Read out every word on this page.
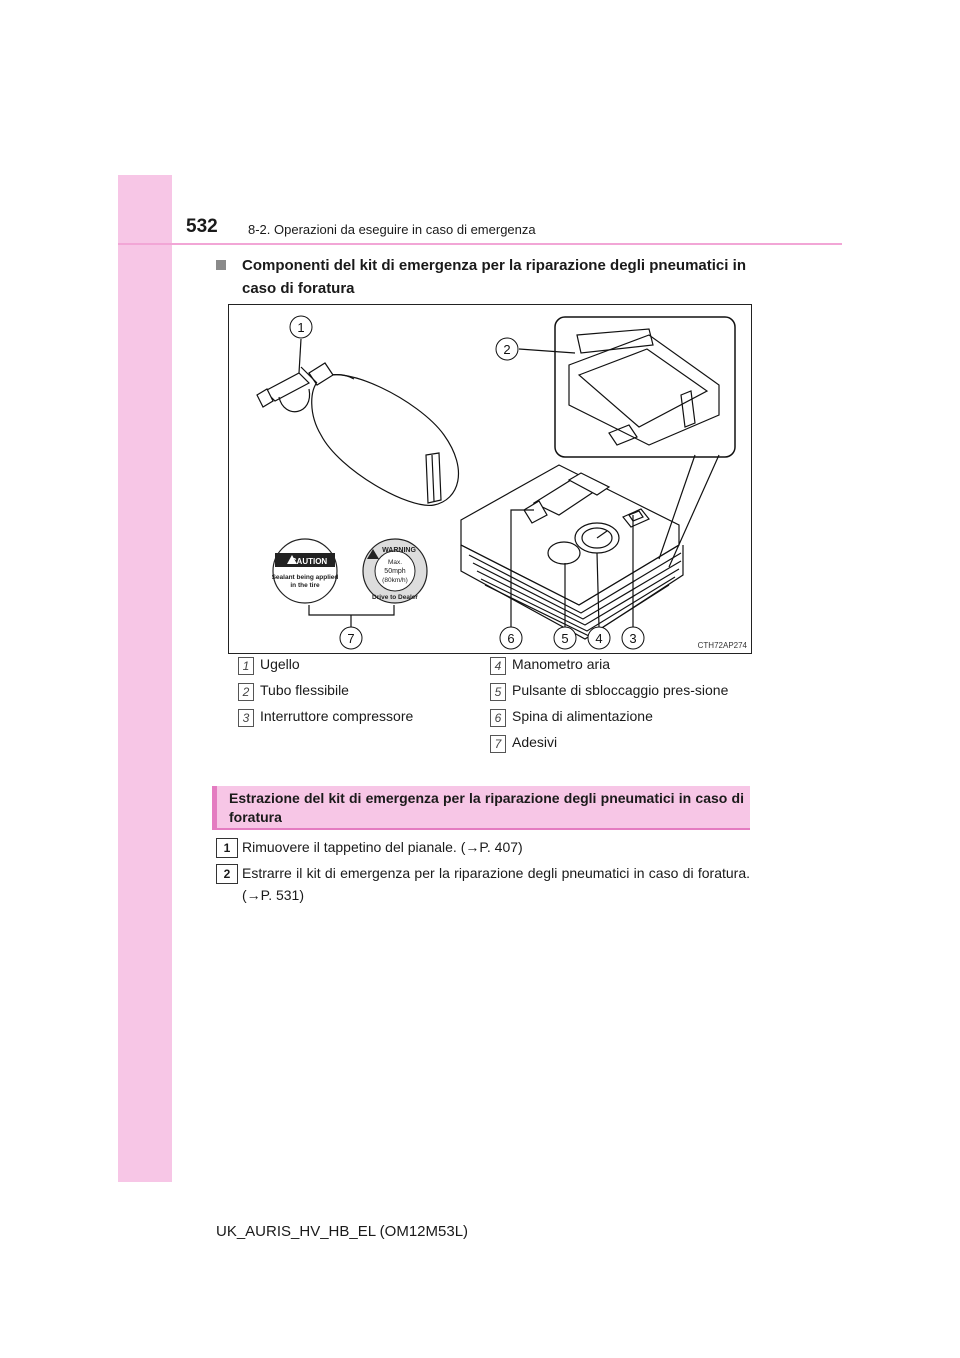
532 8-2. Operazioni da eseguire in caso di emergenza
Componenti del kit di emergenza per la riparazione degli pneumatici in caso di foratura
CAUTION
Sealant being applied
in the tire
WARNING
Max.
50mph
(80km/h)
Drive to Dealer
1
2
3
4
5
6
7	CTH72AP274
1 Ugello
2 Tubo flessibile
3 Interruttore compressore
4 Manometro aria
5 Pulsante di sbloccaggio pres-sione
6 Spina di alimentazione
7 Adesivi
Estrazione del kit di emergenza per la riparazione degli pneumatici in caso di foratura
1 Rimuovere il tappetino del pianale. (→P. 407)
2 Estrarre il kit di emergenza per la riparazione degli pneumatici in caso di foratura. (→P. 531)
UK_AURIS_HV_HB_EL (OM12M53L)
